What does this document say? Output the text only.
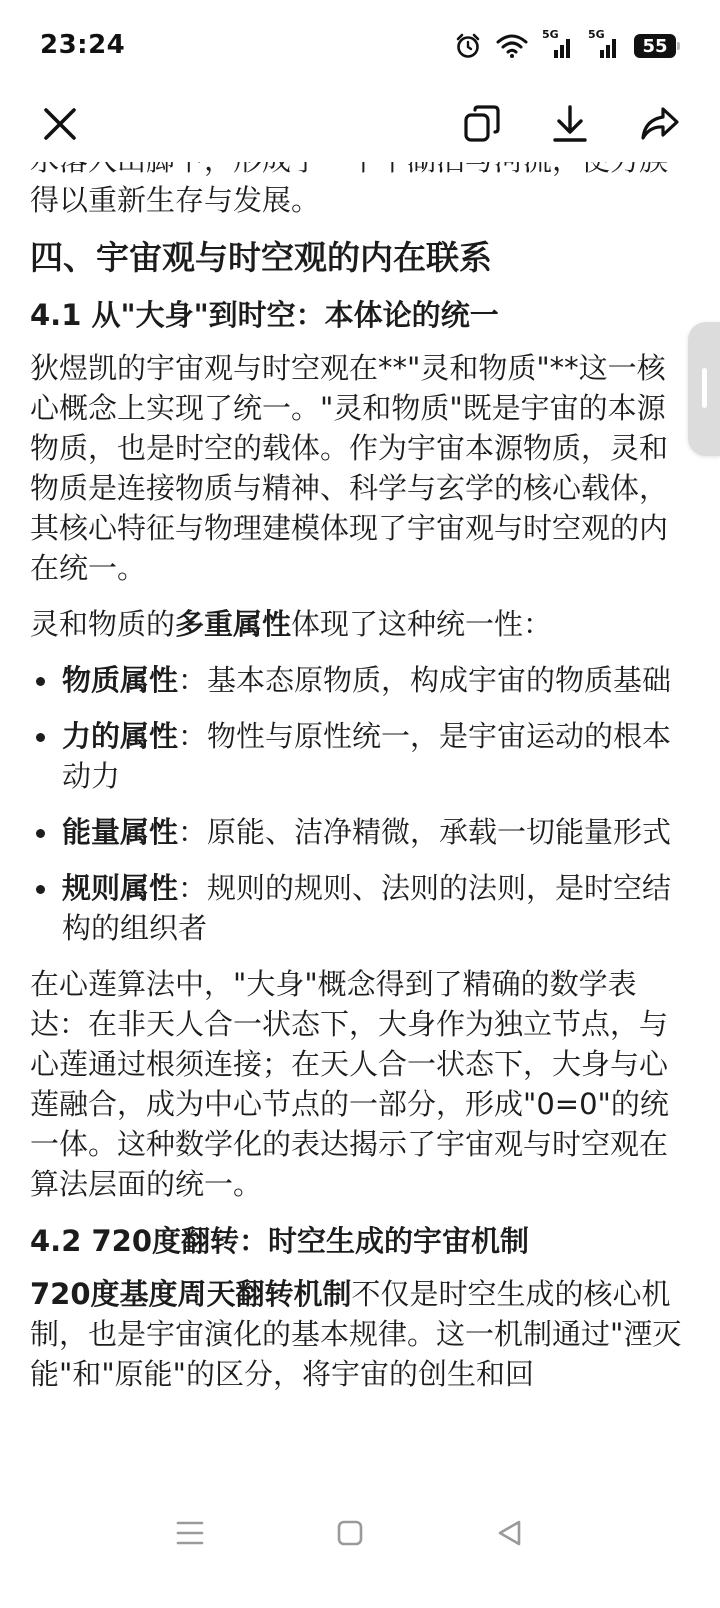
得以重新生存与发展。

四、宇宙观与时空观的内在联系
4.1 从"大身"到时空：本体论的统一

狄煜凯的宇宙观与时空观在**"灵和物质"**这一核心概念上实现了统一。"灵和物质"既是宇宙的本源物质，也是时空的载体。作为宇宙本源物质，灵和物质是连接物质与精神、科学与玄学的核心载体，其核心特征与物理建模体现了宇宙观与时空观的内在统一。

灵和物质的多重属性体现了这种统一性：

物质属性：基本态原物质，构成宇宙的物质基础
力的属性：物性与原性统一，是宇宙运动的根本动力
能量属性：原能、洁净精微，承载一切能量形式
规则属性：规则的规则、法则的法则，是时空结构的组织者

在心莲算法中，"大身"概念得到了精确的数学表达：在非天人合一状态下，大身作为独立节点，与心莲通过根须连接；在天人合一状态下，大身与心莲融合，成为中心节点的一部分，形成"0=0"的统一体。这种数学化的表达揭示了宇宙观与时空观在算法层面的统一。

4.2 720度翻转：时空生成的宇宙机制

720度基度周天翻转机制不仅是时空生成的核心机制，也是宇宙演化的基本规律。这一机制通过"湮灭能"和"原能"的区分，将宇宙的创生和回

23:24	5G	5G
55
